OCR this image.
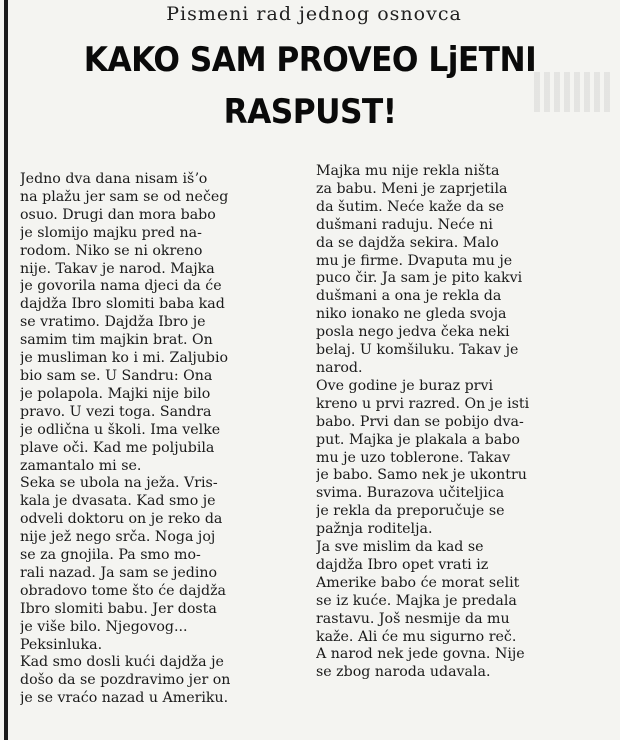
Pismeni rad jednog osnovca
KAKO SAM PROVEO LjETNI
RASPUST!
Jedno dva dana nisam išʼo
na plažu jer sam se od nečeg
osuo. Drugi dan mora babo
je slomijo majku pred na-
rodom. Niko se ni okreno
nije. Takav je narod. Majka
je govorila nama djeci da će
dajdža Ibro slomiti baba kad
se vratimo. Dajdža Ibro je
samim tim majkin brat. On
je musliman ko i mi. Zaljubio
bio sam se. U Sandru: Ona
je polapola. Majki nije bilo
pravo. U vezi toga. Sandra
je odlična u školi. Ima velke
plave oči. Kad me poljubila
zamantalo mi se.
Seka se ubola na ježa. Vris-
kala je dvasata. Kad smo je
odveli doktoru on je reko da
nije jež nego srča. Noga joj
se za gnojila. Pa smo mo-
rali nazad. Ja sam se jedino
obradovo tome što će dajdža
Ibro slomiti babu. Jer dosta
je više bilo. Njegovog...
Peksinluka.
Kad smo dosli kući dajdža je
došo da se pozdravimo jer on
je se vraćo nazad u Ameriku.
Majka mu nije rekla ništa
za babu. Meni je zaprjetila
da šutim. Neće kaže da se
dušmani raduju. Neće ni
da se dajdža sekira. Malo
mu je firme. Dvaputa mu je
puco čir. Ja sam je pito kakvi
dušmani a ona je rekla da
niko ionako ne gleda svoja
posla nego jedva čeka neki
belaj. U komšiluku. Takav je
narod.
Ove godine je buraz prvi
kreno u prvi razred. On je isti
babo. Prvi dan se pobijo dva-
put. Majka je plakala a babo
mu je uzo toblerone. Takav
je babo. Samo nek je ukontru
svima. Burazova učiteljica
je rekla da preporučuje se
pažnja roditelja.
Ja sve mislim da kad se
dajdža Ibro opet vrati iz
Amerike babo će morat selit
se iz kuće. Majka je predala
rastavu. Još nesmije da mu
kaže. Ali će mu sigurno reč.
A narod nek jede govna. Nije
se zbog naroda udavala.
